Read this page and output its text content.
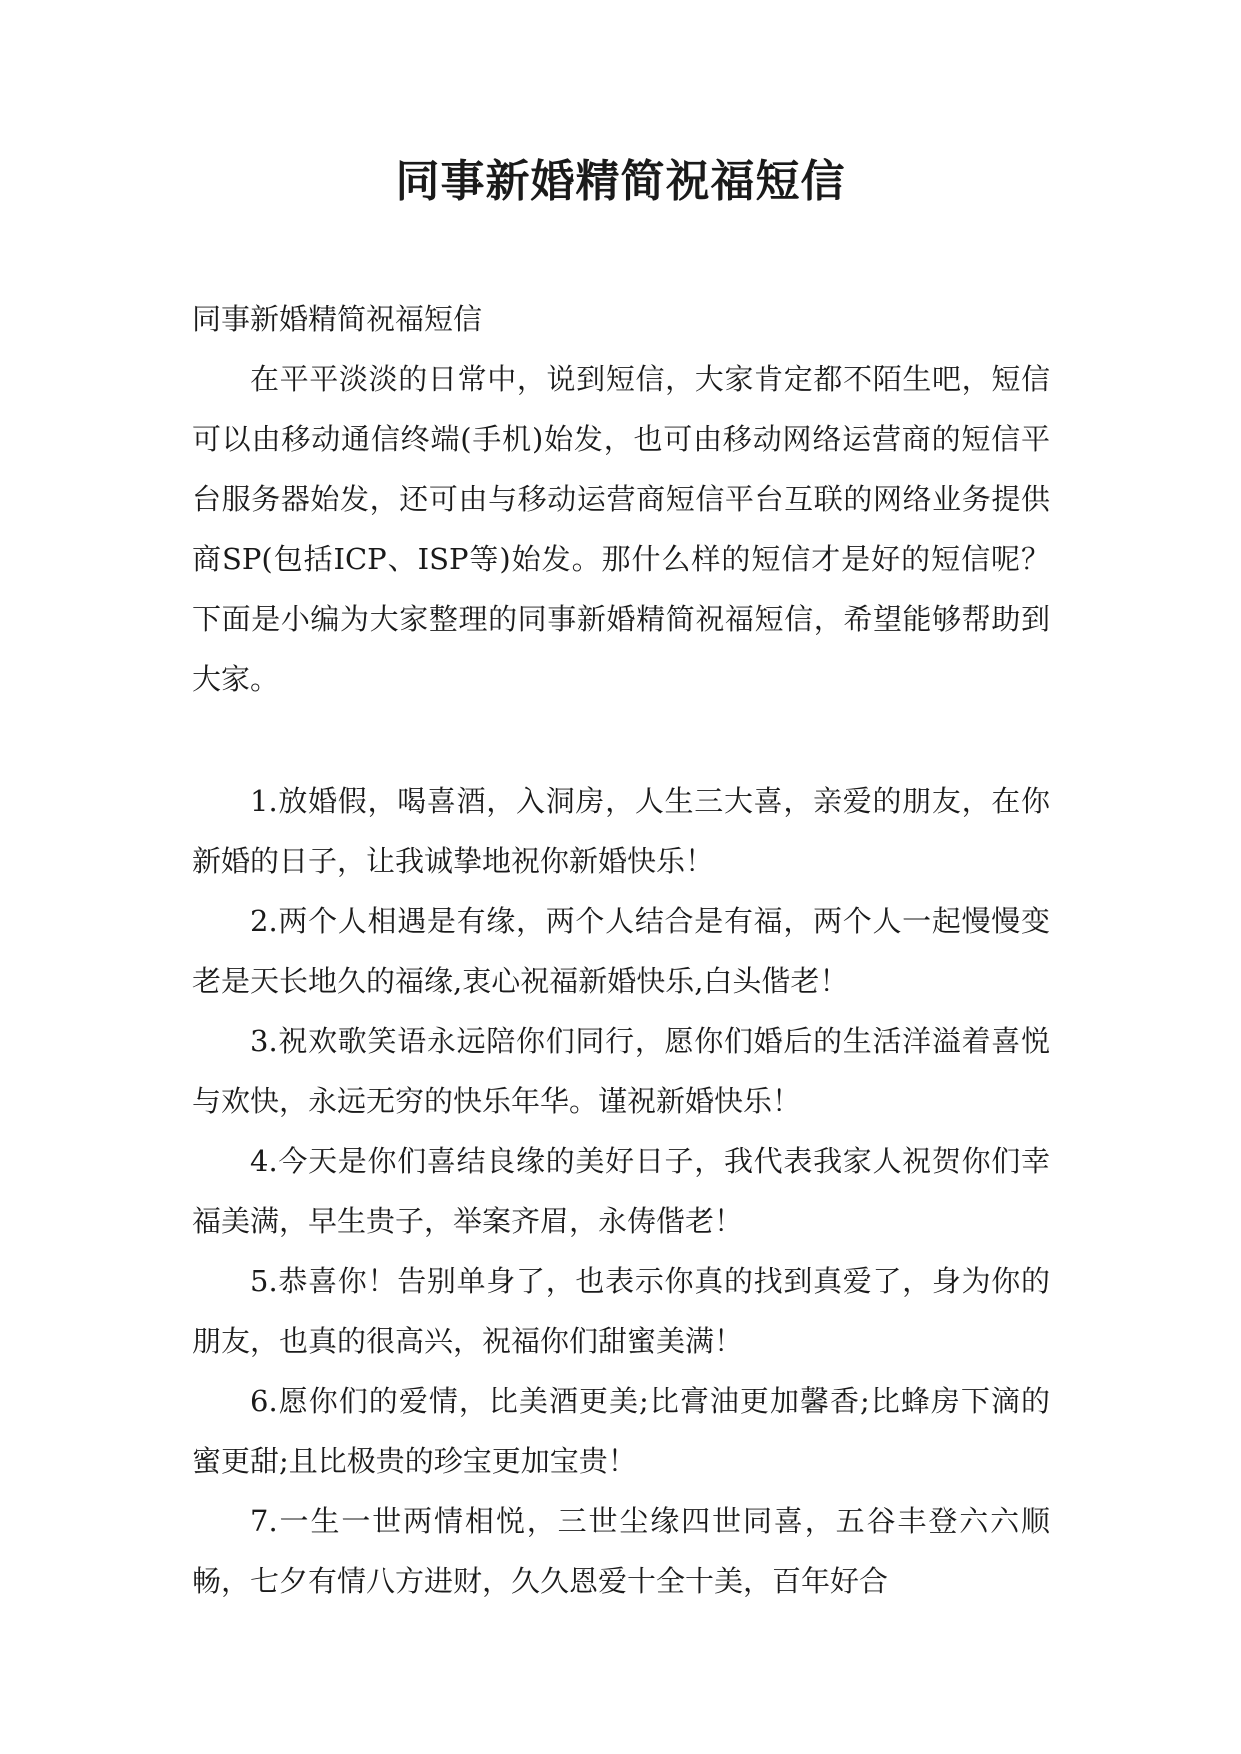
同事新婚精简祝福短信

同事新婚精简祝福短信

在平平淡淡的日常中，说到短信，大家肯定都不陌生吧，短信可以由移动通信终端(手机)始发，也可由移动网络运营商的短信平台服务器始发，还可由与移动运营商短信平台互联的网络业务提供商SP(包括ICP、ISP等)始发。那什么样的短信才是好的短信呢？下面是小编为大家整理的同事新婚精简祝福短信，希望能够帮助到大家。

1.放婚假，喝喜酒，入洞房，人生三大喜，亲爱的朋友，在你新婚的日子，让我诚挚地祝你新婚快乐！

2.两个人相遇是有缘，两个人结合是有福，两个人一起慢慢变老是天长地久的福缘,衷心祝福新婚快乐,白头偕老！

3.祝欢歌笑语永远陪你们同行，愿你们婚后的生活洋溢着喜悦与欢快，永远无穷的快乐年华。谨祝新婚快乐！

4.今天是你们喜结良缘的美好日子，我代表我家人祝贺你们幸福美满，早生贵子，举案齐眉，永俦偕老！

5.恭喜你！告别单身了，也表示你真的找到真爱了，身为你的朋友，也真的很高兴，祝福你们甜蜜美满！

6.愿你们的爱情，比美酒更美;比膏油更加馨香;比蜂房下滴的蜜更甜;且比极贵的珍宝更加宝贵！

7.一生一世两情相悦，三世尘缘四世同喜，五谷丰登六六顺畅，七夕有情八方进财，久久恩爱十全十美，百年好合
